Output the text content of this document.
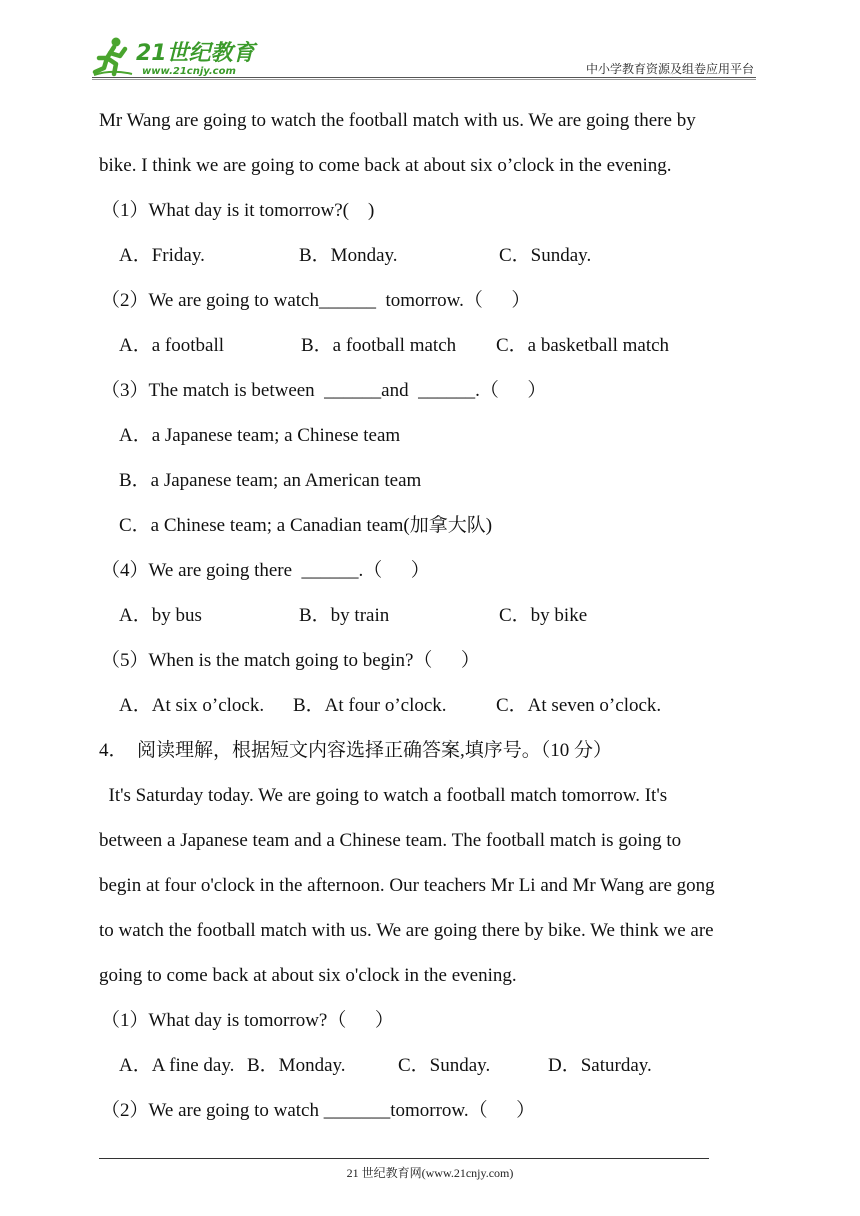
21世纪教育
www.21cnjy.com	中小学教育资源及组卷应用平台
Mr Wang are going to watch the football match with us. We are going there by
bike. I think we are going to come back at about six o’clock in the evening.
（1）What day is it tomorrow?(    )
A．Friday.	B．Monday.	C．Sunday.
（2）We are going to watch______  tomorrow.（      ）
A．a football	B．a football match C．a basketball match
（3）The match is between  ______and  ______.（      ）
A．a Japanese team; a Chinese team
B．a Japanese team; an American team
C．a Chinese team; a Canadian team(加拿大队)
（4）We are going there  ______.（      ）
A．by bus	B．by train	C．by bike
（5）When is the match going to begin?（      ）
A．At six o’clock. B．At four o’clock.	C．At seven o’clock.
4．  阅读理解，根据短文内容选择正确答案,填序号。（10 分）
It's Saturday today. We are going to watch a football match tomorrow. It's
between a Japanese team and a Chinese team. The football match is going to
begin at four o'clock in the afternoon. Our teachers Mr Li and Mr Wang are gong
to watch the football match with us. We are going there by bike. We think we are
going to come back at about six o'clock in the evening.
（1）What day is tomorrow?（      ）
A．A fine day. B．Monday.	C．Sunday.	D．Saturday.
（2）We are going to watch _______tomorrow.（      ）
21 世纪教育网(www.21cnjy.com)
